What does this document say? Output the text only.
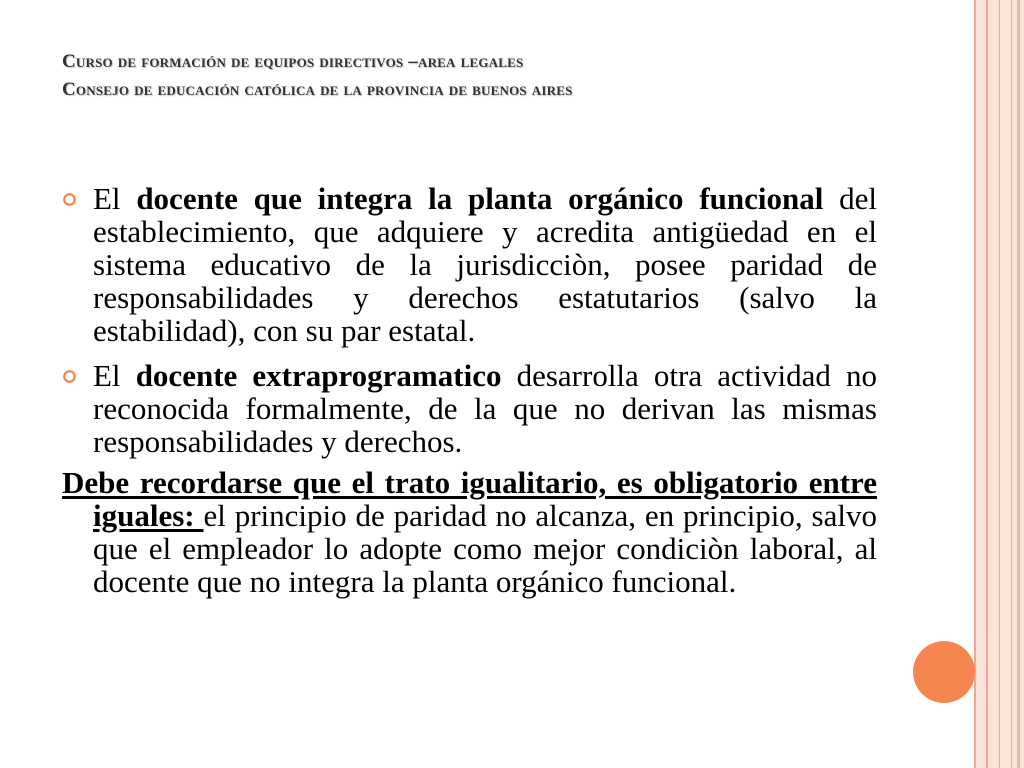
Curso de formación de equipos directivos –area legales
Consejo de educación católica de la provincia de buenos aires
El docente que integra la planta orgánico funcional del establecimiento, que adquiere y acredita antigüedad en el sistema educativo de la jurisdicciòn, posee paridad de responsabilidades y derechos estatutarios (salvo la estabilidad), con su par estatal.
El docente extraprogramatico desarrolla otra actividad no reconocida formalmente, de la que no derivan las mismas responsabilidades y derechos.
Debe recordarse que el trato igualitario, es obligatorio entre iguales: el principio de paridad no alcanza, en principio, salvo que el empleador lo adopte como mejor condiciòn laboral, al docente que no integra la planta orgánico funcional.
